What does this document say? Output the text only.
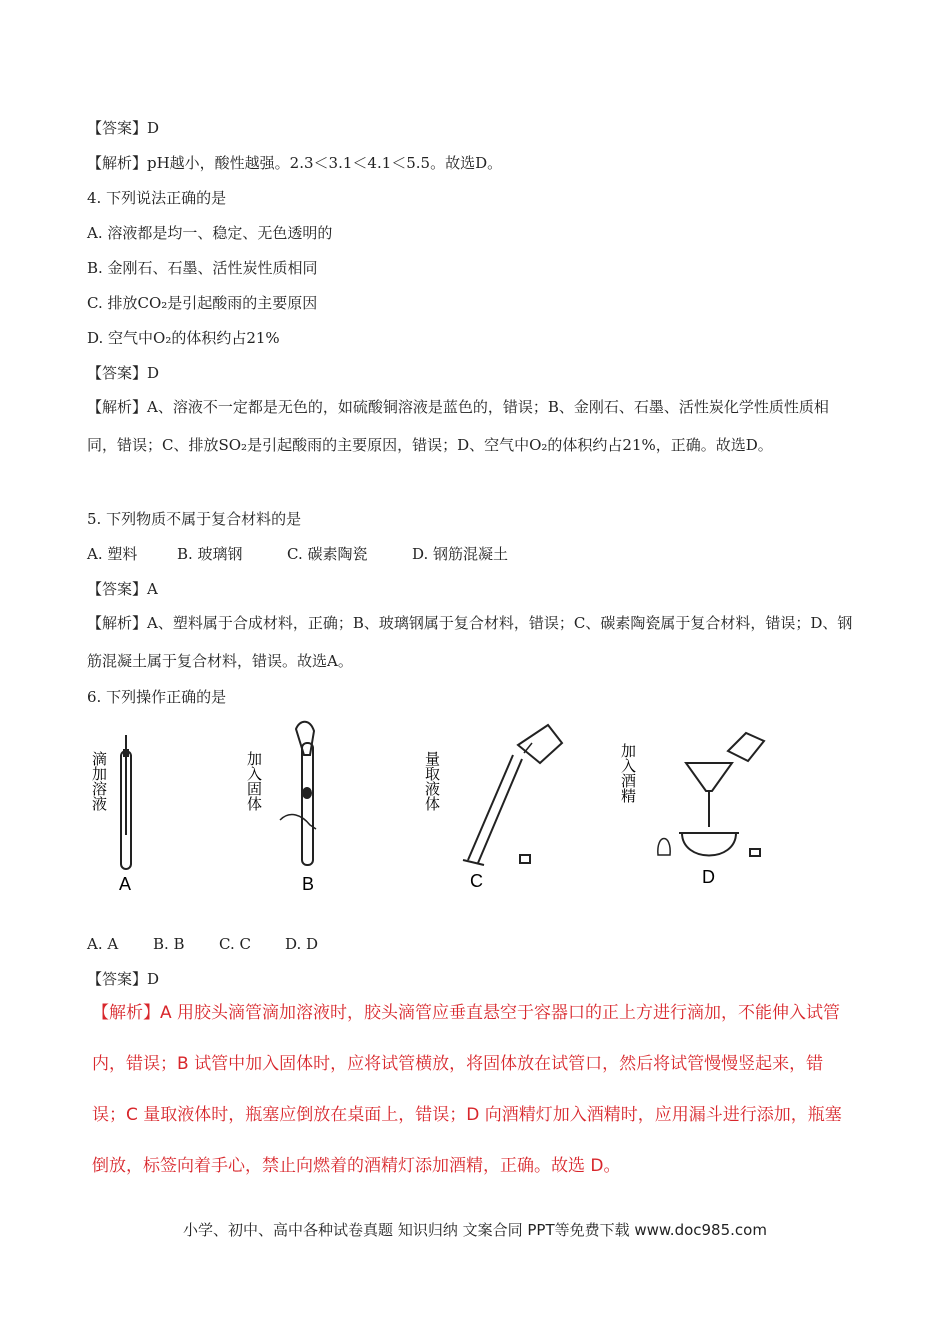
【答案】D
【解析】pH越小，酸性越强。2.3＜3.1＜4.1＜5.5。故选D。
4. 下列说法正确的是
A. 溶液都是均一、稳定、无色透明的
B. 金刚石、石墨、活性炭性质相同
C. 排放CO₂是引起酸雨的主要原因
D. 空气中O₂的体积约占21%
【答案】D
【解析】A、溶液不一定都是无色的，如硫酸铜溶液是蓝色的，错误；B、金刚石、石墨、活性炭化学性质性质相同，错误；C、排放SO₂是引起酸雨的主要原因，错误；D、空气中O₂的体积约占21%，正确。故选D。
5. 下列物质不属于复合材料的是
A. 塑料	B. 玻璃钢	C. 碳素陶瓷	D. 钢筋混凝土
【答案】A
【解析】A、塑料属于合成材料，正确；B、玻璃钢属于复合材料，错误；C、碳素陶瓷属于复合材料，错误；D、钢筋混凝土属于复合材料，错误。故选A。
6. 下列操作正确的是
滴加溶液
A
加入固体
B
量取液体
C
加入酒精
D
A. A B. B C. C D. D
【答案】D
【解析】A 用胶头滴管滴加溶液时，胶头滴管应垂直悬空于容器口的正上方进行滴加，不能伸入试管
内，错误；B 试管中加入固体时，应将试管横放，将固体放在试管口，然后将试管慢慢竖起来，错
误；C 量取液体时，瓶塞应倒放在桌面上，错误；D 向酒精灯加入酒精时，应用漏斗进行添加，瓶塞
倒放，标签向着手心，禁止向燃着的酒精灯添加酒精，正确。故选 D。
小学、初中、高中各种试卷真题 知识归纳 文案合同 PPT等免费下载 www.doc985.com
